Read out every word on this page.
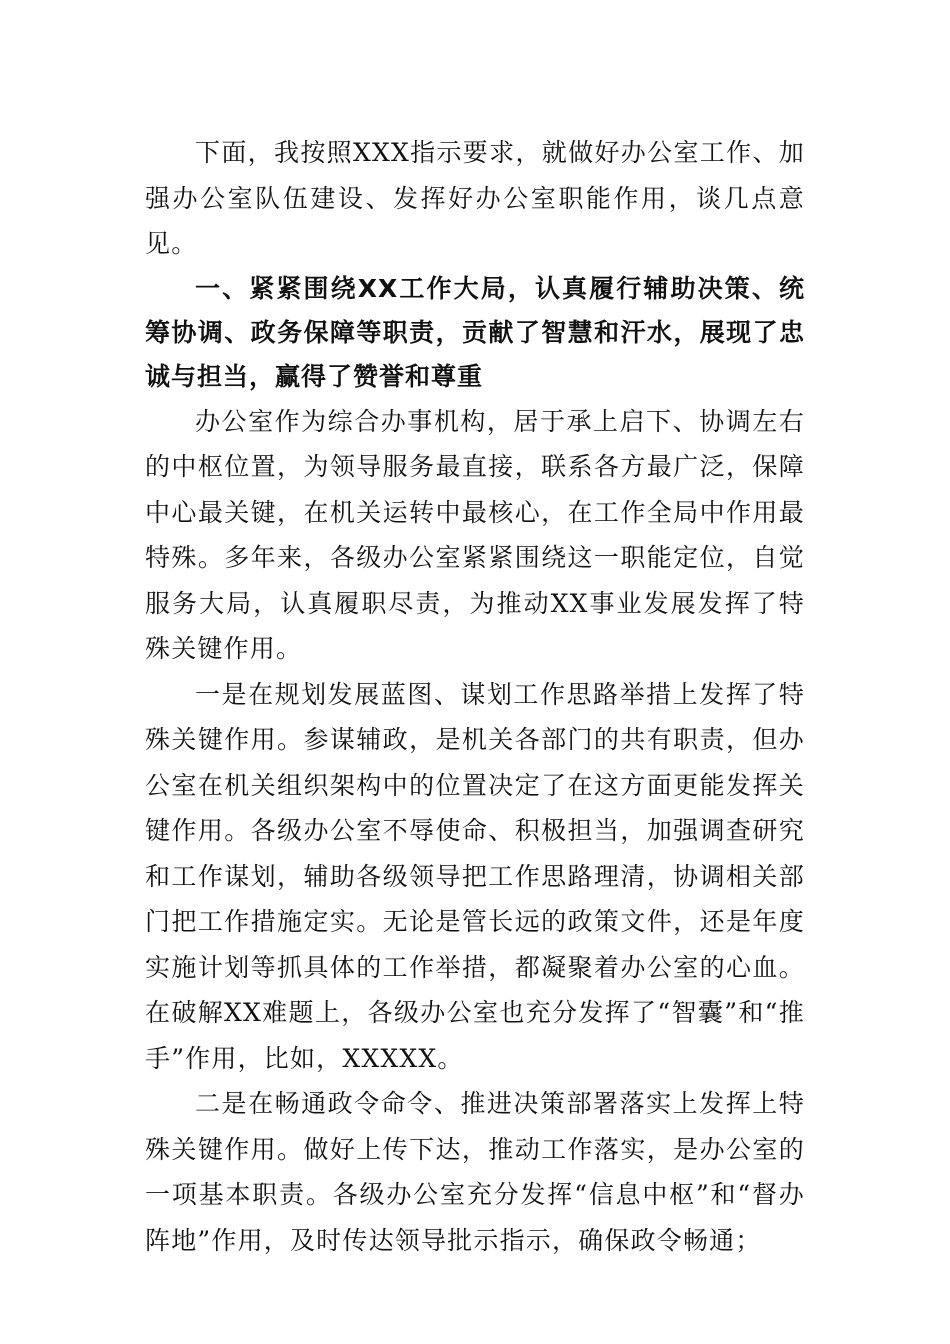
下面，我按照XXX指示要求，就做好办公室工作、加强办公室队伍建设、发挥好办公室职能作用，谈几点意见。

一、紧紧围绕XX工作大局，认真履行辅助决策、统筹协调、政务保障等职责，贡献了智慧和汗水，展现了忠诚与担当，赢得了赞誉和尊重

办公室作为综合办事机构，居于承上启下、协调左右的中枢位置，为领导服务最直接，联系各方最广泛，保障中心最关键，在机关运转中最核心，在工作全局中作用最特殊。多年来，各级办公室紧紧围绕这一职能定位，自觉服务大局，认真履职尽责，为推动XX事业发展发挥了特殊关键作用。

一是在规划发展蓝图、谋划工作思路举措上发挥了特殊关键作用。参谋辅政，是机关各部门的共有职责，但办公室在机关组织架构中的位置决定了在这方面更能发挥关键作用。各级办公室不辱使命、积极担当，加强调查研究和工作谋划，辅助各级领导把工作思路理清，协调相关部门把工作措施定实。无论是管长远的政策文件，还是年度实施计划等抓具体的工作举措，都凝聚着办公室的心血。在破解XX难题上，各级办公室也充分发挥了“智囊”和“推手”作用，比如，XXXXX。

二是在畅通政令命令、推进决策部署落实上发挥上特殊关键作用。做好上传下达，推动工作落实，是办公室的一项基本职责。各级办公室充分发挥“信息中枢”和“督办阵地”作用，及时传达领导批示指示，确保政令畅通；
